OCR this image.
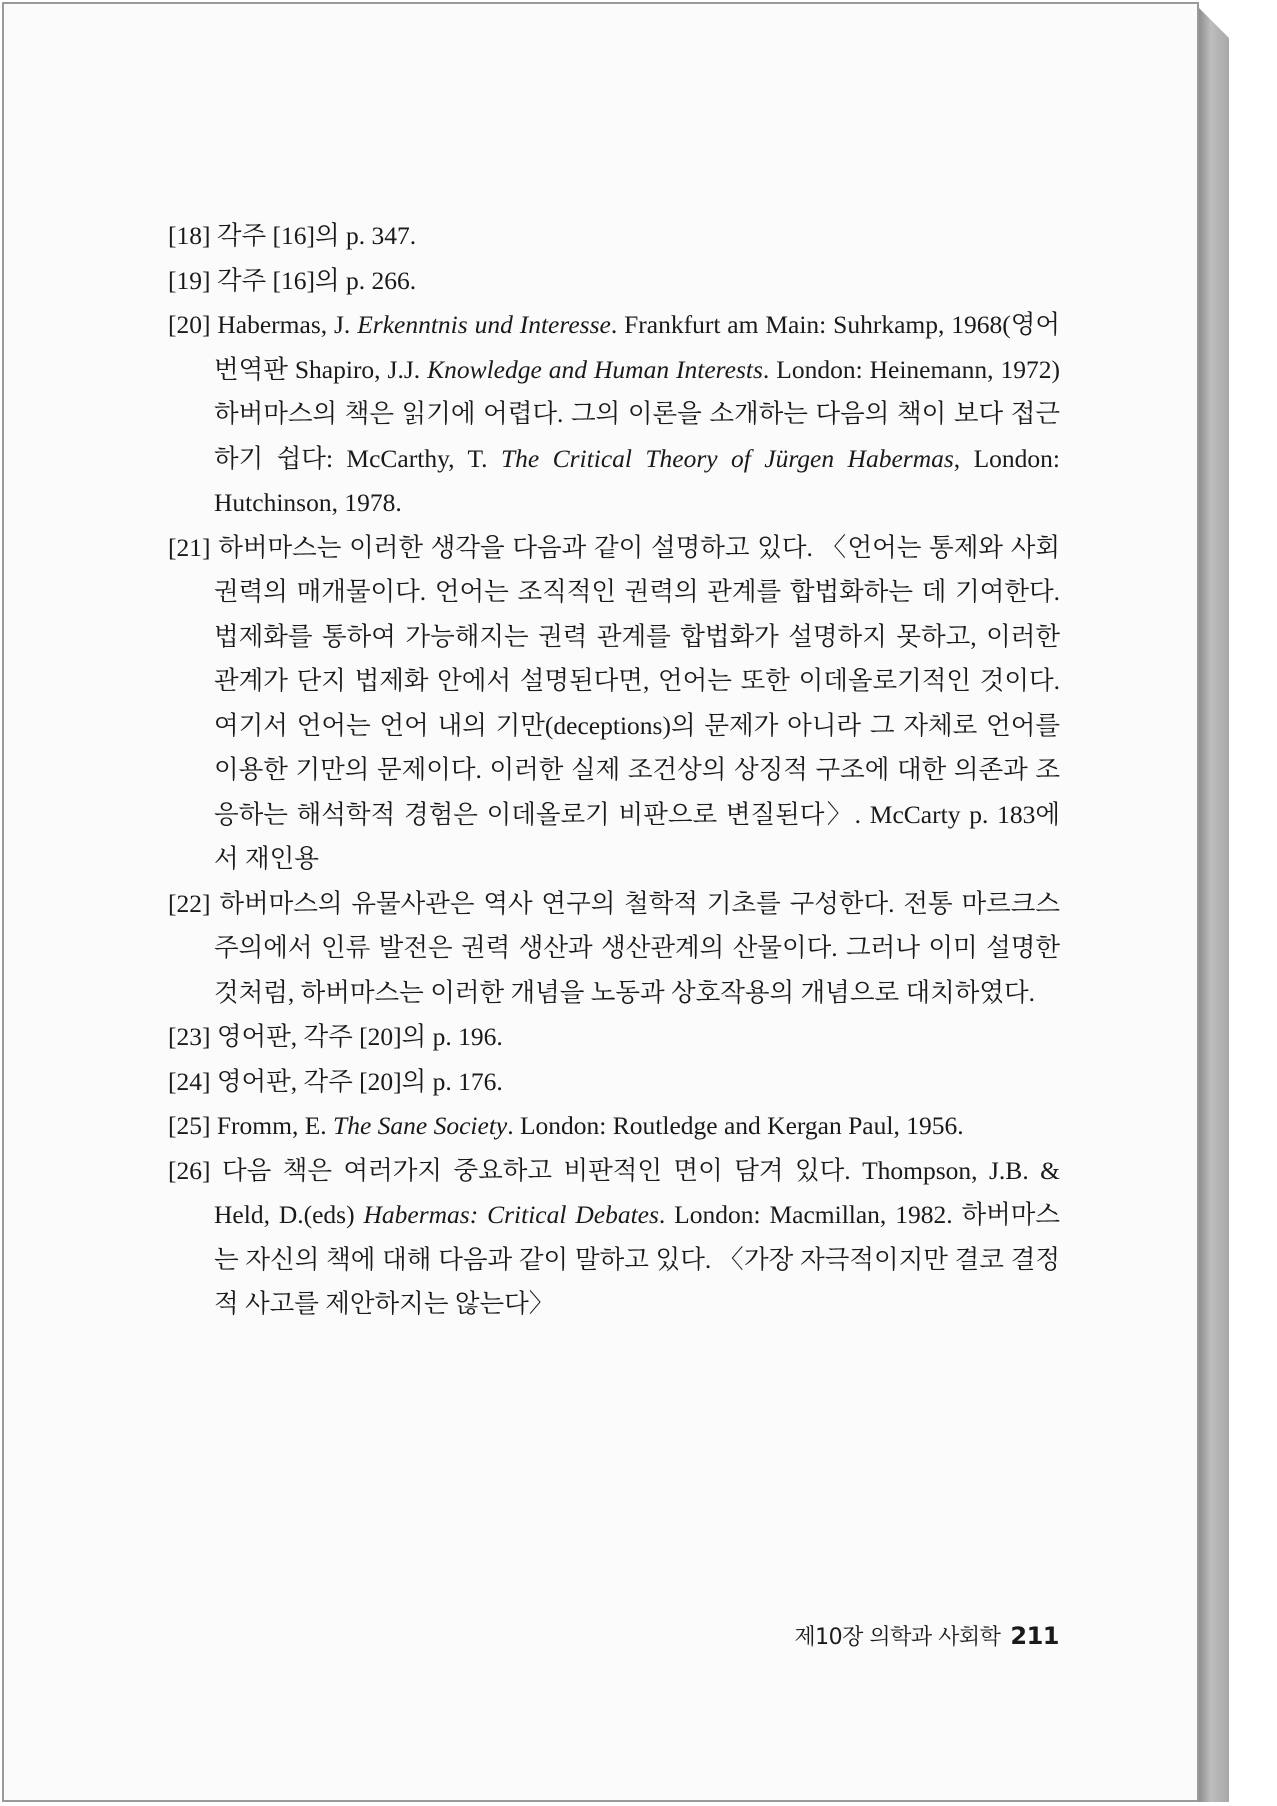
[18] 각주 [16]의 p. 347.
[19] 각주 [16]의 p. 266.
[20] Habermas, J. Erkenntnis und Interesse. Frankfurt am Main: Suhrkamp, 1968(영어 번역판 Shapiro, J.J. Knowledge and Human Interests. London: Heinemann, 1972) 하버마스의 책은 읽기에 어렵다. 그의 이론을 소개하는 다음의 책이 보다 접근하기 쉽다: McCarthy, T. The Critical Theory of Jürgen Habermas, London: Hutchinson, 1978.
[21] 하버마스는 이러한 생각을 다음과 같이 설명하고 있다. 〈언어는 통제와 사회권력의 매개물이다. 언어는 조직적인 권력의 관계를 합법화하는 데 기여한다. 법제화를 통하여 가능해지는 권력 관계를 합법화가 설명하지 못하고, 이러한 관계가 단지 법제화 안에서 설명된다면, 언어는 또한 이데올로기적인 것이다. 여기서 언어는 언어 내의 기만(deceptions)의 문제가 아니라 그 자체로 언어를 이용한 기만의 문제이다. 이러한 실제 조건상의 상징적 구조에 대한 의존과 조응하는 해석학적 경험은 이데올로기 비판으로 변질된다〉. McCarty p. 183에서 재인용
[22] 하버마스의 유물사관은 역사 연구의 철학적 기초를 구성한다. 전통 마르크스주의에서 인류 발전은 권력 생산과 생산관계의 산물이다. 그러나 이미 설명한 것처럼, 하버마스는 이러한 개념을 노동과 상호작용의 개념으로 대치하였다.
[23] 영어판, 각주 [20]의 p. 196.
[24] 영어판, 각주 [20]의 p. 176.
[25] Fromm, E. The Sane Society. London: Routledge and Kergan Paul, 1956.
[26] 다음 책은 여러가지 중요하고 비판적인 면이 담겨 있다. Thompson, J.B. & Held, D.(eds) Habermas: Critical Debates. London: Macmillan, 1982. 하버마스는 자신의 책에 대해 다음과 같이 말하고 있다. 〈가장 자극적이지만 결코 결정적 사고를 제안하지는 않는다〉
제10장 의학과 사회학 211
